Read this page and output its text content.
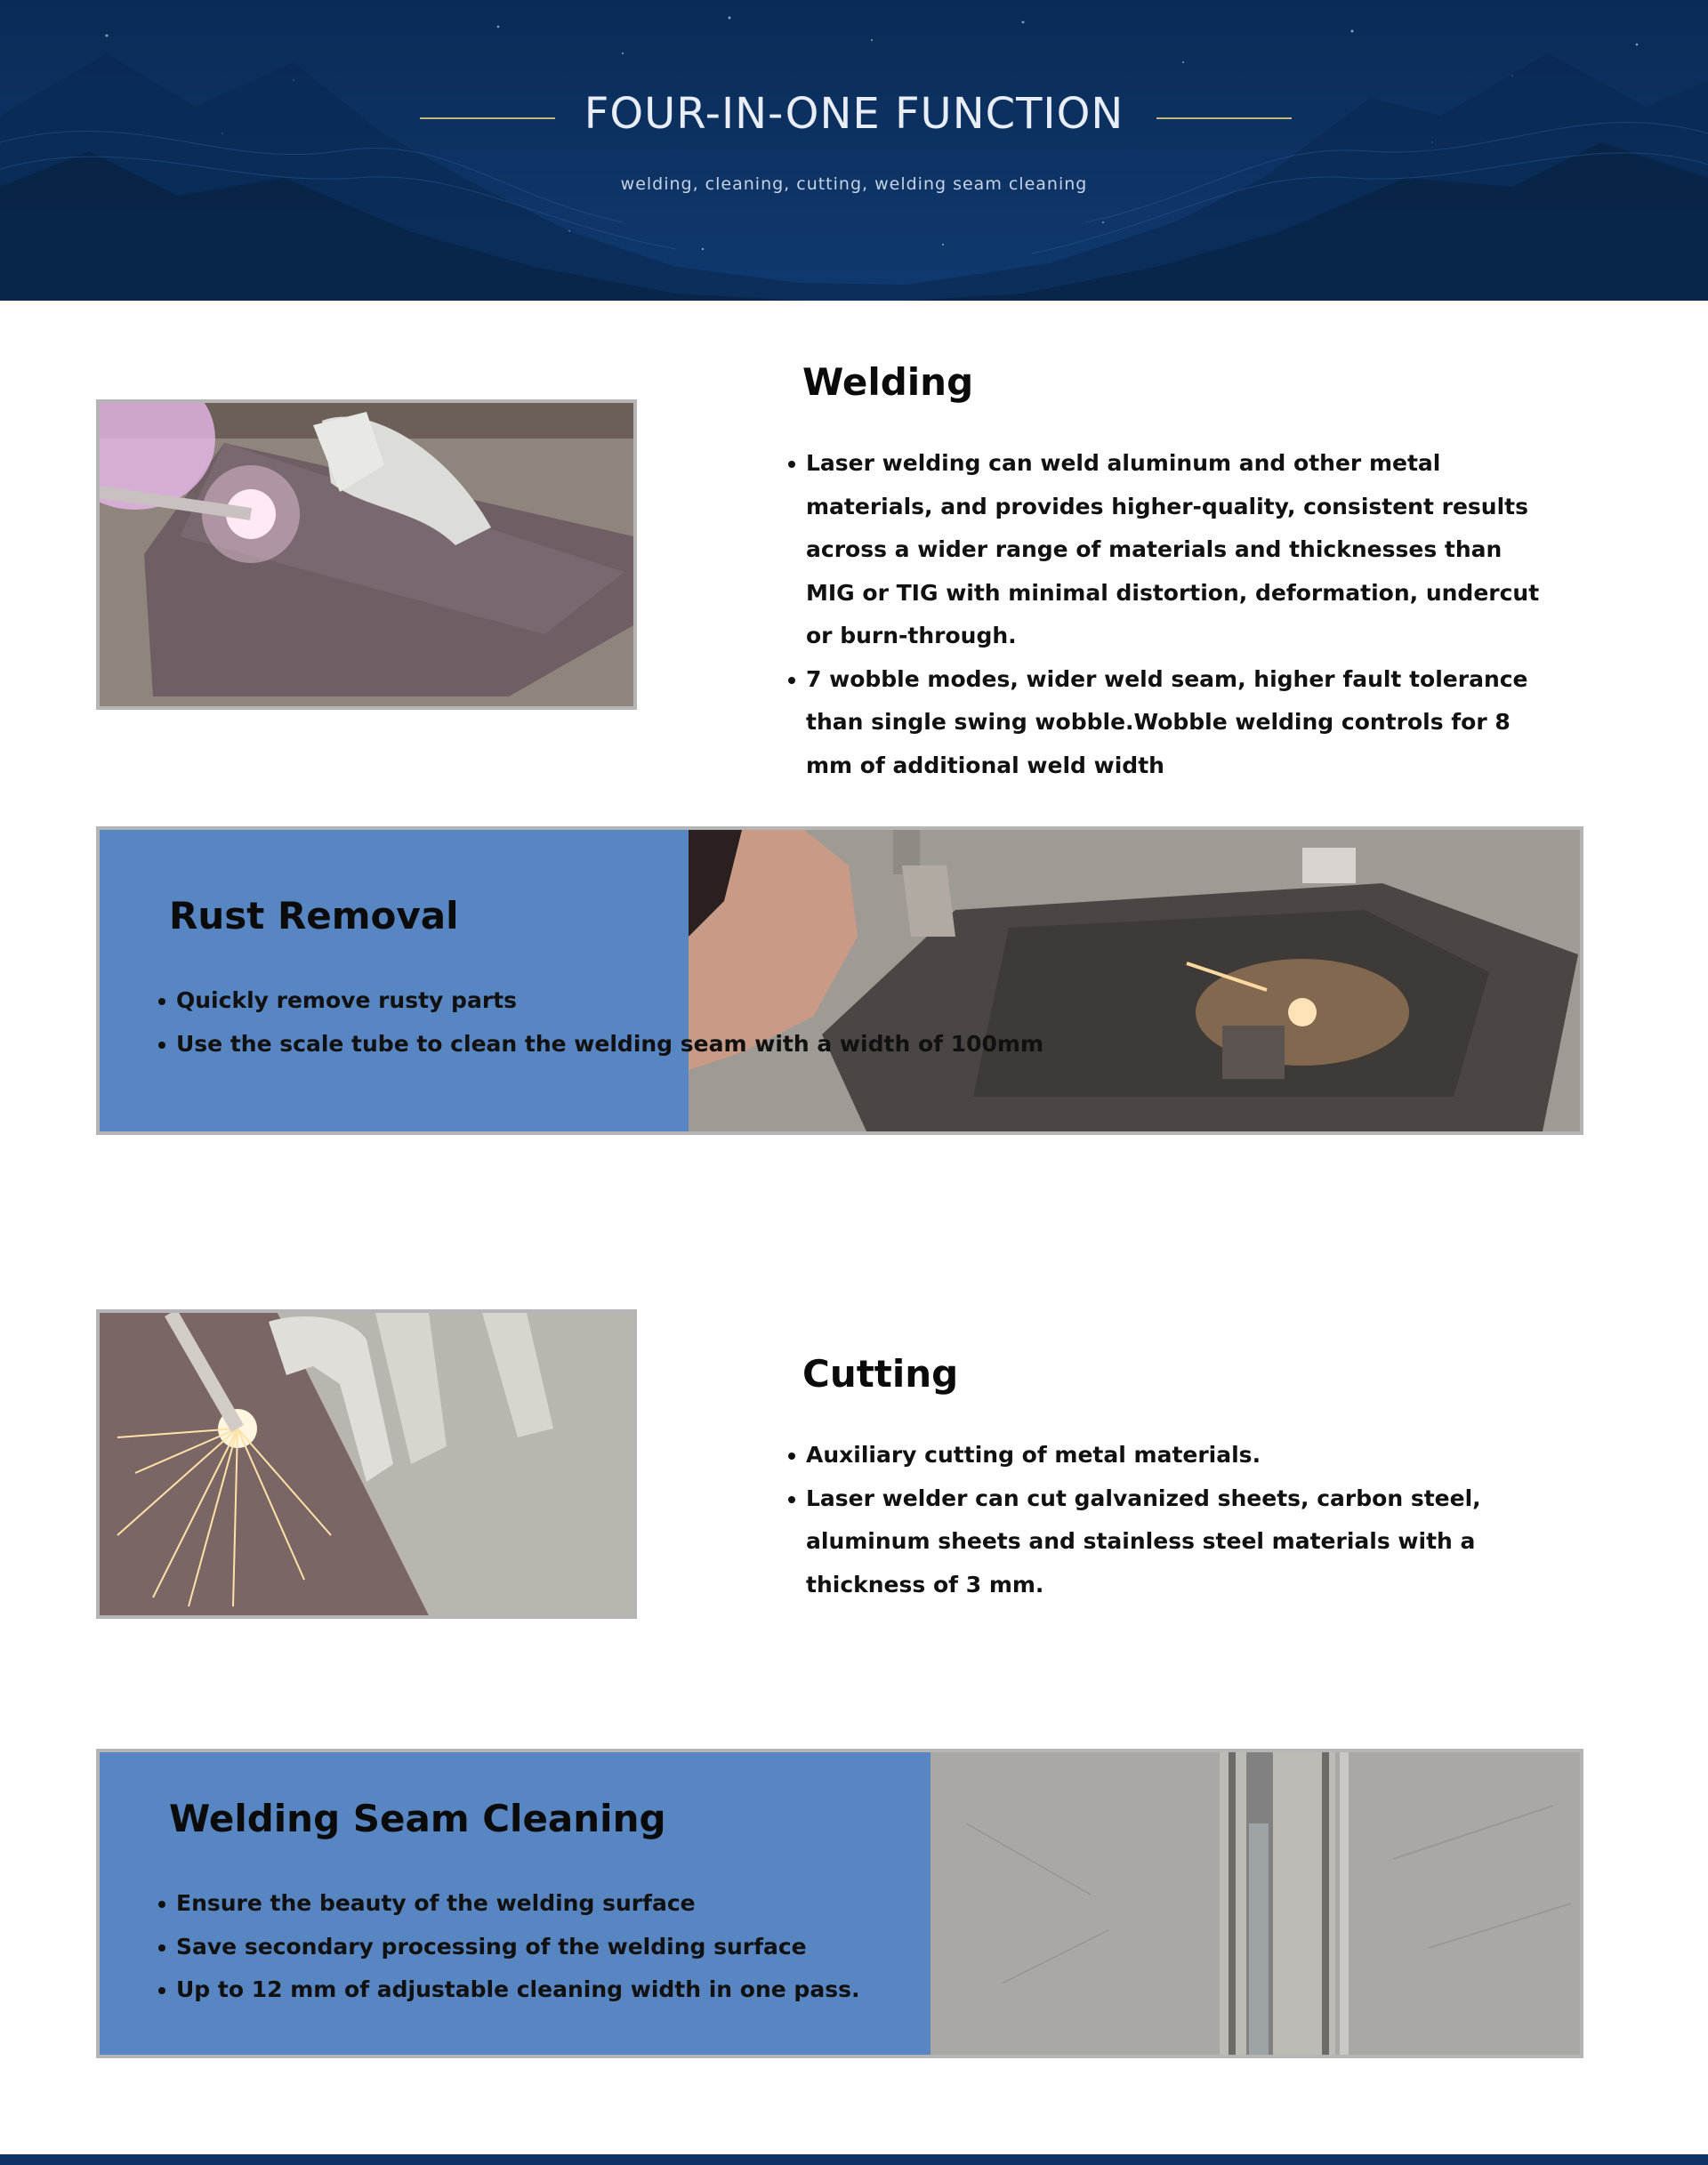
FOUR-IN-ONE FUNCTION

welding, cleaning, cutting, welding seam cleaning

Welding
Laser welding can weld aluminum and other metal materials, and provides higher-quality, consistent results across a wider range of materials and thicknesses than MIG or TIG with minimal distortion, deformation, undercut or burn-through.
7 wobble modes, wider weld seam, higher fault tolerance than single swing wobble.Wobble welding controls for 8 mm of additional weld width
Rust Removal
Quickly remove rusty parts
Use the scale tube to clean the welding seam with a width of 100mm
Cutting
Auxiliary cutting of metal materials.
Laser welder can cut galvanized sheets, carbon steel, aluminum sheets and stainless steel materials with a thickness of 3 mm.
Welding Seam Cleaning
Ensure the beauty of the welding surface
Save secondary processing of the welding surface
Up to 12 mm of adjustable cleaning width in one pass.
